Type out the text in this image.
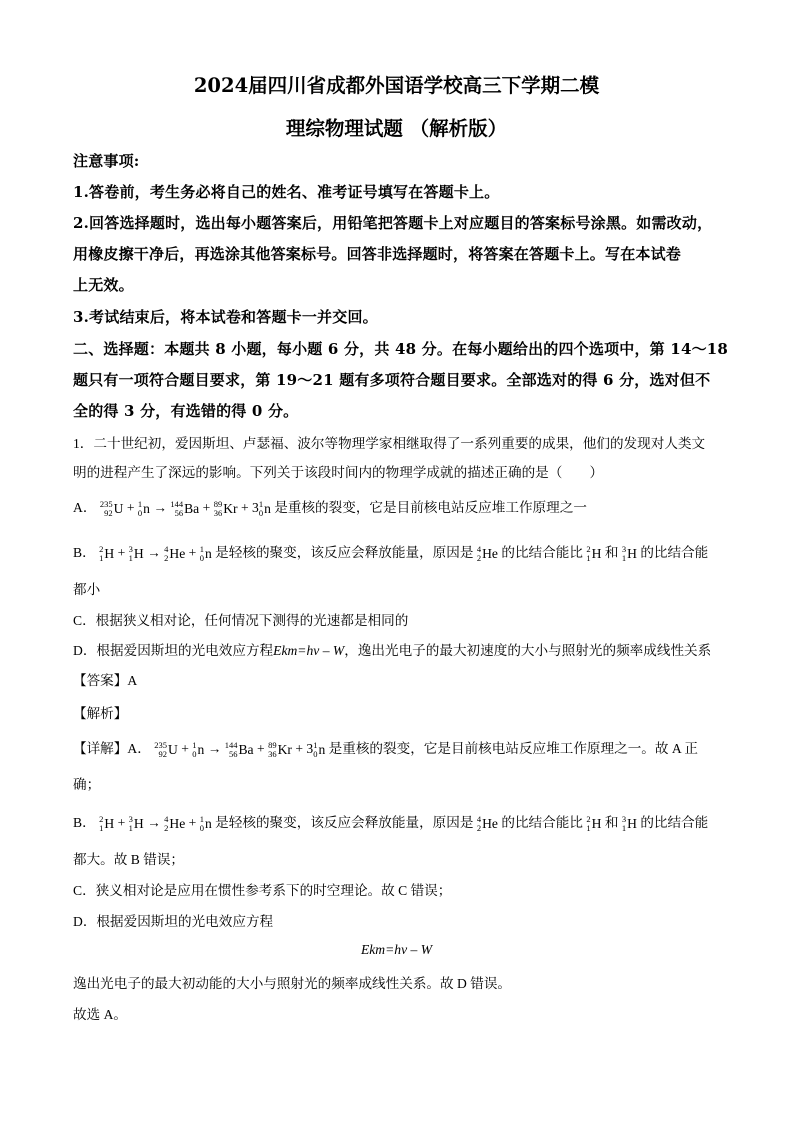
2024届四川省成都外国语学校高三下学期二模
理综物理试题 （解析版）
注意事项:
1.答卷前，考生务必将自己的姓名、准考证号填写在答题卡上。
2.回答选择题时，选出每小题答案后，用铅笔把答题卡上对应题目的答案标号涂黑。如需改动，
用橡皮擦干净后，再选涂其他答案标号。回答非选择题时，将答案在答题卡上。写在本试卷
上无效。
3.考试结束后，将本试卷和答题卡一并交回。
二、选择题：本题共 8 小题，每小题 6 分，共 48 分。在每小题给出的四个选项中，第 14～18
题只有一项符合题目要求，第 19～21 题有多项符合题目要求。全部选对的得 6 分，选对但不
全的得 3 分，有选错的得 0 分。
1．二十世纪初，爱因斯坦、卢瑟福、波尔等物理学家相继取得了一系列重要的成果，他们的发现对人类文
明的进程产生了深远的影响。下列关于该段时间内的物理学成就的描述正确的是（　　）
A． 235
92 U + 1
0 n → 144
56 Ba + 89
36 Kr + 3 1
0 n 是重核的裂变，它是目前核电站反应堆工作原理之一
B． 2
1 H + 3
1 H → 4
2 He + 1
0 n 是轻核的聚变，该反应会释放能量，原因是 4
2 He 的比结合能比 2
1 H 和 3
1 H 的比结合能
都小
C．根据狭义相对论，任何情况下测得的光速都是相同的
D．根据爱因斯坦的光电效应方程Ekm=hν – W，逸出光电子的最大初速度的大小与照射光的频率成线性关系
【答案】A
【解析】
【详解】A． 235
92 U + 1
0 n → 144
56 Ba + 89
36 Kr + 3 1
0 n 是重核的裂变，它是目前核电站反应堆工作原理之一。故 A 正
确；
B． 2
1 H + 3
1 H → 4
2 He + 1
0 n 是轻核的聚变，该反应会释放能量，原因是 4
2 He 的比结合能比 2
1 H 和 3
1 H 的比结合能
都大。故 B 错误；
C．狭义相对论是应用在惯性参考系下的时空理论。故 C 错误；
D．根据爱因斯坦的光电效应方程
Ekm=hν – W
逸出光电子的最大初动能的大小与照射光的频率成线性关系。故 D 错误。
故选 A。
